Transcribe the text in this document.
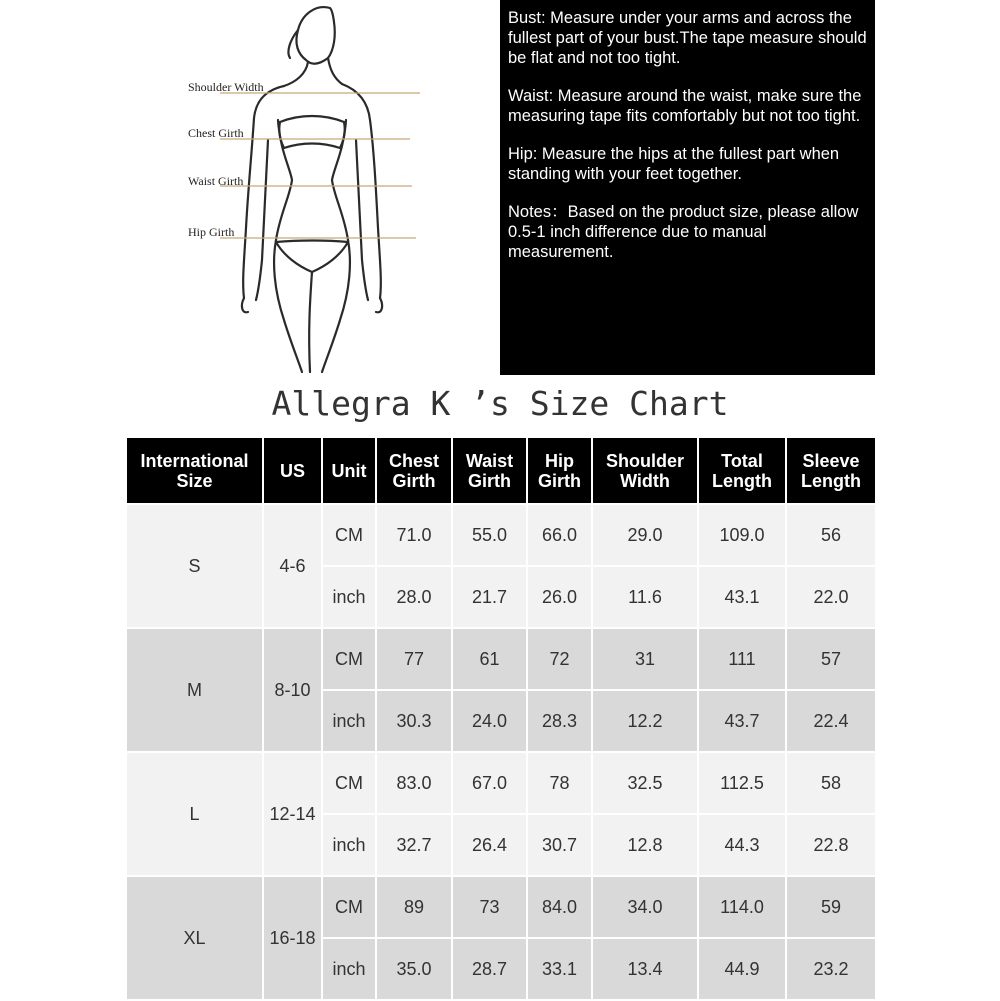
Shoulder Width
Chest Girth
Waist Girth
Hip Girth

Bust: Measure under your arms and across the fullest part of your bust.The tape measure should be flat and not too tight.

Waist: Measure around the waist, make sure the measuring tape fits comfortably but not too tight.

Hip: Measure the hips at the fullest part when standing with your feet together.

Notes：Based on the product size, please allow 0.5-1 inch difference due to manual measurement.

Allegra K ’s Size Chart
International Size	US	Unit	Chest Girth	Waist Girth	Hip Girth	Shoulder Width	Total Length	Sleeve Length
S	4-6	CM	71.0	55.0	66.0	29.0	109.0	56
		inch	28.0	21.7	26.0	11.6	43.1	22.0
M	8-10	CM	77	61	72	31	111	57
		inch	30.3	24.0	28.3	12.2	43.7	22.4
L	12-14	CM	83.0	67.0	78	32.5	112.5	58
		inch	32.7	26.4	30.7	12.8	44.3	22.8
XL	16-18	CM	89	73	84.0	34.0	114.0	59
		inch	35.0	28.7	33.1	13.4	44.9	23.2
